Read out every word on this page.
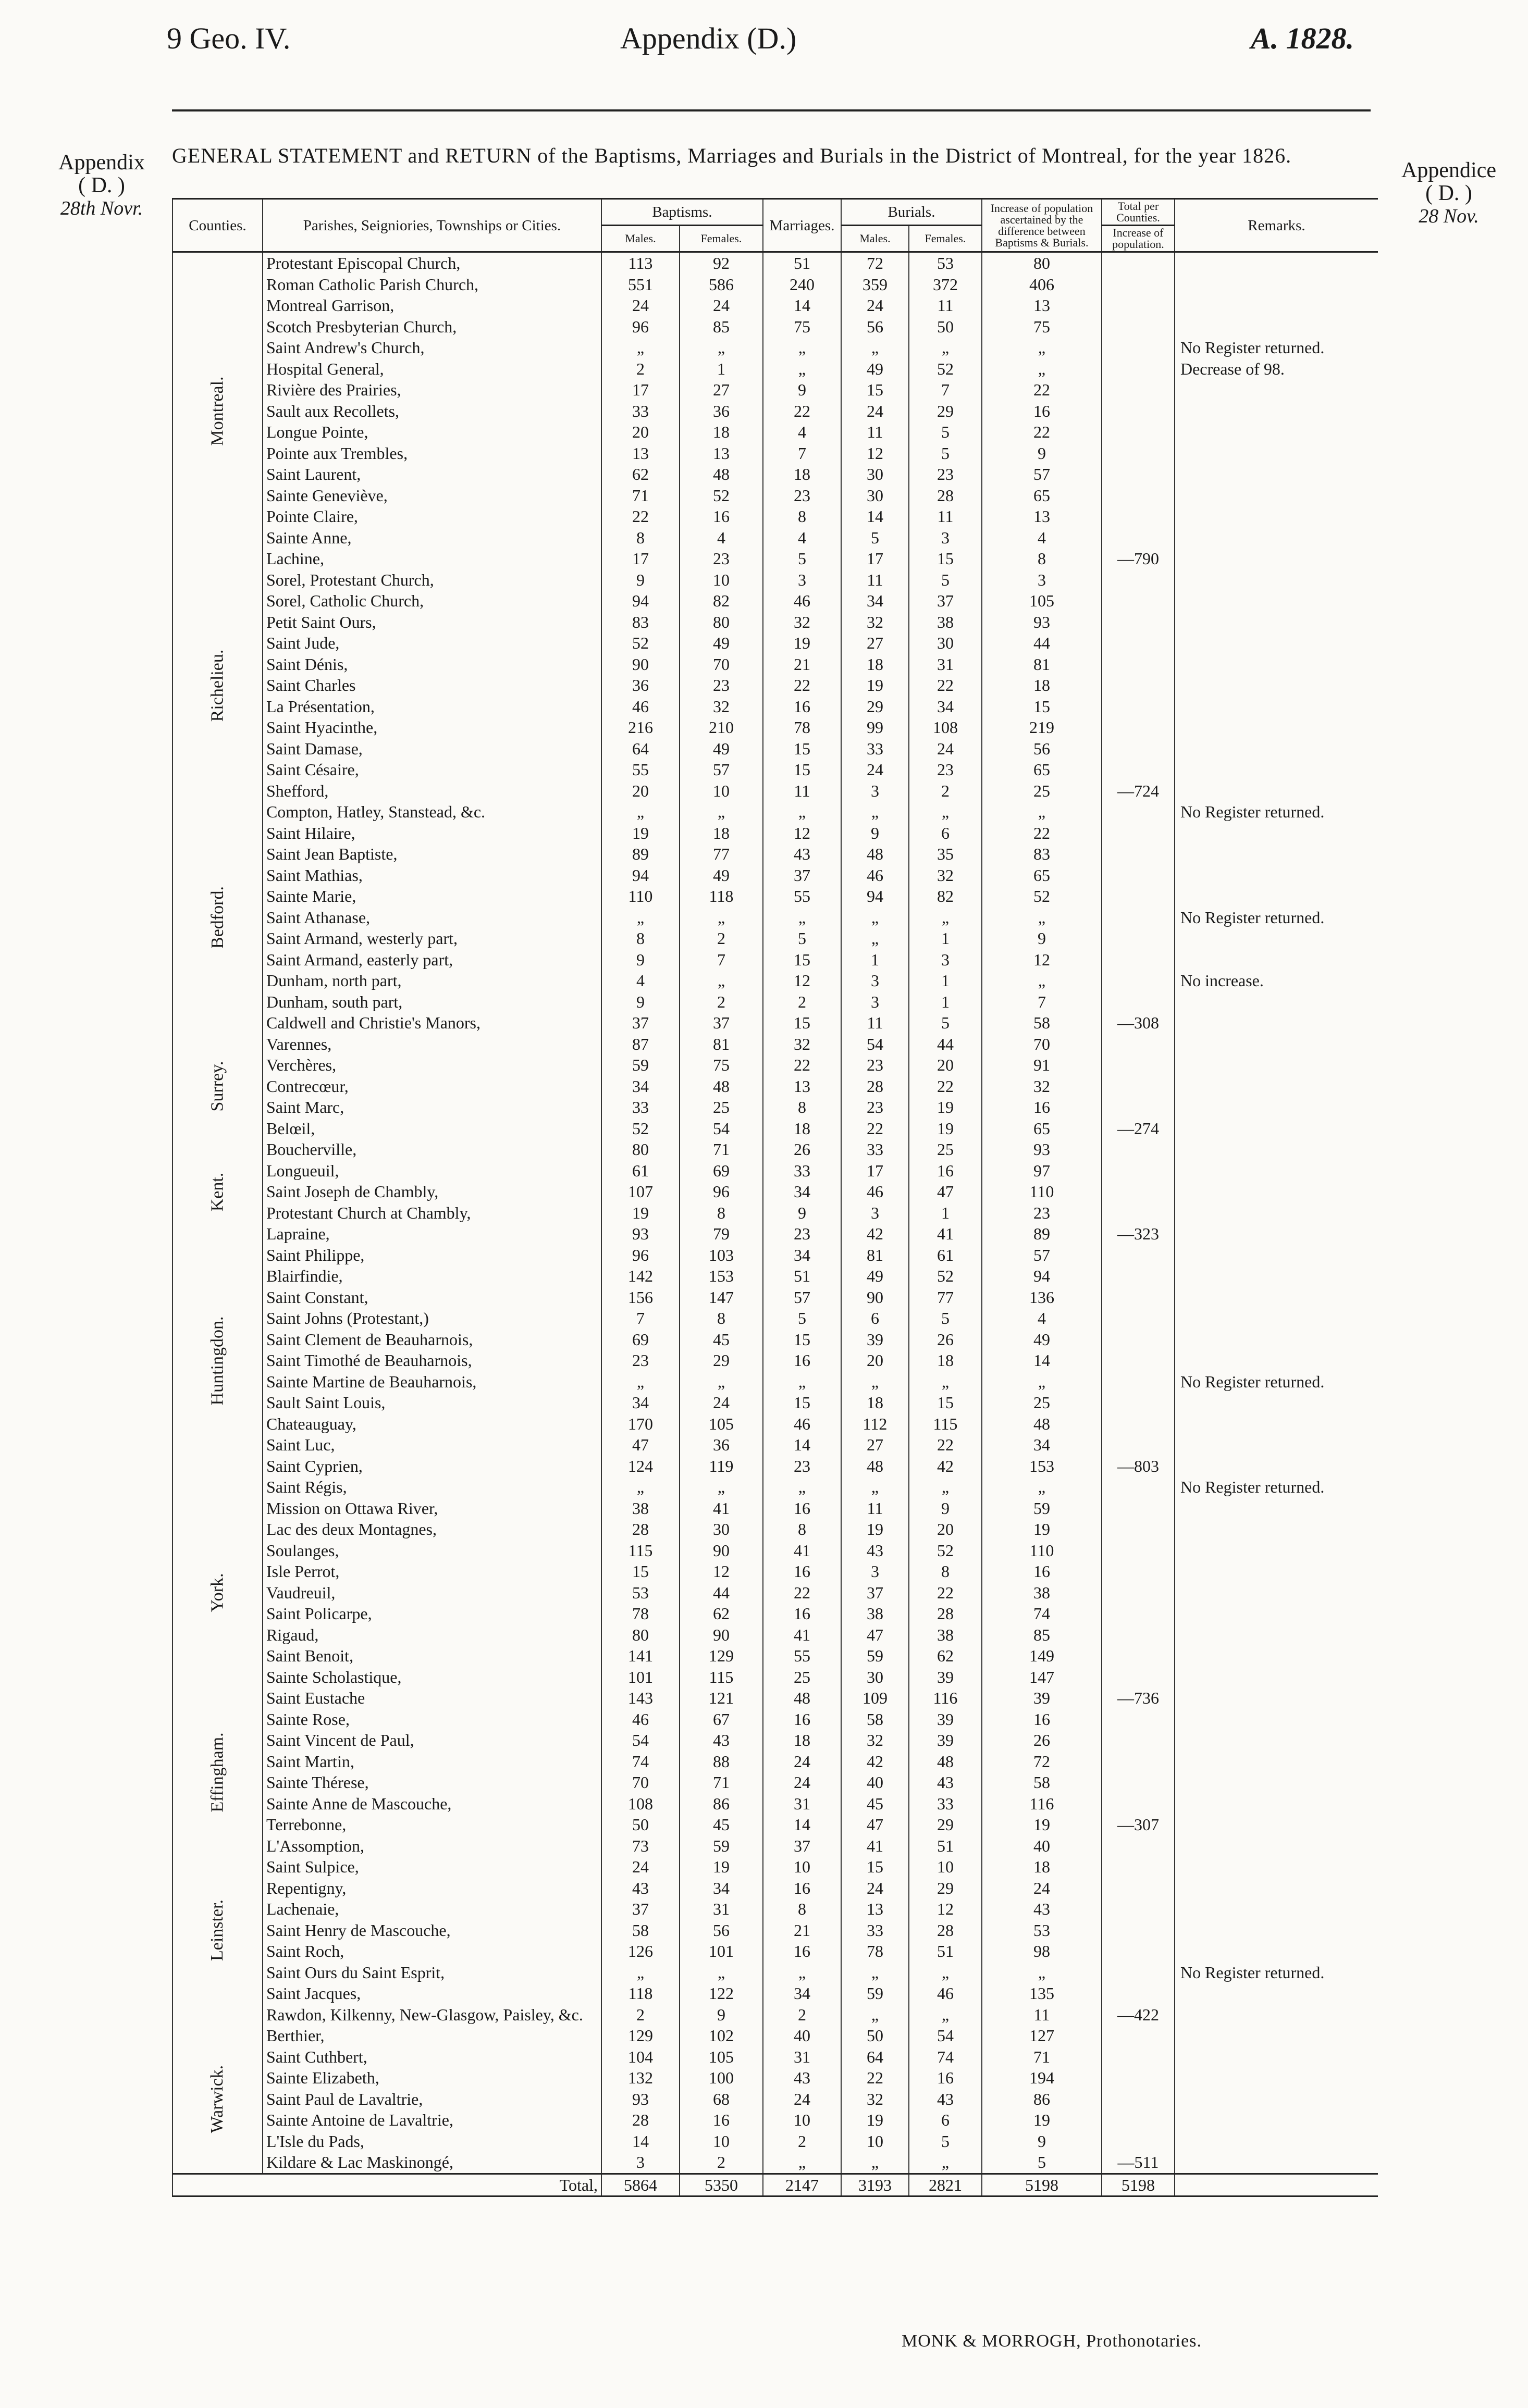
9 Geo. IV.	Appendix (D.)	A. 1828.
Appendix
( D. )
28th Novr.
Appendice
( D. )
28 Nov.
GENERAL STATEMENT and RETURN of the Baptisms, Marriages and Burials in the District of Montreal, for the year 1826.
Counties.	Parishes, Seigniories, Townships or Cities.	Baptisms.		Marriages.	Burials.		Increase of population ascertained by the difference between Baptisms & Burials.	Total per Counties.	Remarks.
		Males.	Females.		Males.	Females.		Increase of population.	
Montreal.	Protestant Episcopal Church,	113	92	51	72	53	80		
	Roman Catholic Parish Church,	551	586	240	359	372	406		
	Montreal Garrison,	24	24	14	24	11	13		
	Scotch Presbyterian Church,	96	85	75	56	50	75		
	Saint Andrew's Church,	„	„	„	„	„	„		No Register returned.
	Hospital General,	2	1	„	49	52	„		Decrease of 98.
	Rivière des Prairies,	17	27	9	15	7	22		
	Sault aux Recollets,	33	36	22	24	29	16		
	Longue Pointe,	20	18	4	11	5	22		
	Pointe aux Trembles,	13	13	7	12	5	9		
	Saint Laurent,	62	48	18	30	23	57		
	Sainte Geneviève,	71	52	23	30	28	65		
	Pointe Claire,	22	16	8	14	11	13		
	Sainte Anne,	8	4	4	5	3	4		
	Lachine,	17	23	5	17	15	8	—790	
Richelieu.	Sorel, Protestant Church,	9	10	3	11	5	3		
	Sorel, Catholic Church,	94	82	46	34	37	105		
	Petit Saint Ours,	83	80	32	32	38	93		
	Saint Jude,	52	49	19	27	30	44		
	Saint Dénis,	90	70	21	18	31	81		
	Saint Charles	36	23	22	19	22	18		
	La Présentation,	46	32	16	29	34	15		
	Saint Hyacinthe,	216	210	78	99	108	219		
	Saint Damase,	64	49	15	33	24	56		
	Saint Césaire,	55	57	15	24	23	65		
	Shefford,	20	10	11	3	2	25	—724	
Bedford.	Compton, Hatley, Stanstead, &c.	„	„	„	„	„	„		No Register returned.
	Saint Hilaire,	19	18	12	9	6	22		
	Saint Jean Baptiste,	89	77	43	48	35	83		
	Saint Mathias,	94	49	37	46	32	65		
	Sainte Marie,	110	118	55	94	82	52		
	Saint Athanase,	„	„	„	„	„	„		No Register returned.
	Saint Armand, westerly part,	8	2	5	„	1	9		
	Saint Armand, easterly part,	9	7	15	1	3	12		
	Dunham, north part,	4	„	12	3	1	„		No increase.
	Dunham, south part,	9	2	2	3	1	7		
	Caldwell and Christie's Manors,	37	37	15	11	5	58	—308	
Surrey.	Varennes,	87	81	32	54	44	70		
	Verchères,	59	75	22	23	20	91		
	Contrecœur,	34	48	13	28	22	32		
	Saint Marc,	33	25	8	23	19	16		
	Belœil,	52	54	18	22	19	65	—274	
Kent.	Boucherville,	80	71	26	33	25	93		
	Longueuil,	61	69	33	17	16	97		
	Saint Joseph de Chambly,	107	96	34	46	47	110		
	Protestant Church at Chambly,	19	8	9	3	1	23		
	Lapraine,	93	79	23	42	41	89	—323	
Huntingdon.	Saint Philippe,	96	103	34	81	61	57		
	Blairfindie,	142	153	51	49	52	94		
	Saint Constant,	156	147	57	90	77	136		
	Saint Johns (Protestant,)	7	8	5	6	5	4		
	Saint Clement de Beauharnois,	69	45	15	39	26	49		
	Saint Timothé de Beauharnois,	23	29	16	20	18	14		
	Sainte Martine de Beauharnois,	„	„	„	„	„	„		No Register returned.
	Sault Saint Louis,	34	24	15	18	15	25		
	Chateauguay,	170	105	46	112	115	48		
	Saint Luc,	47	36	14	27	22	34		
	Saint Cyprien,	124	119	23	48	42	153	—803	
York.	Saint Régis,	„	„	„	„	„	„		No Register returned.
	Mission on Ottawa River,	38	41	16	11	9	59		
	Lac des deux Montagnes,	28	30	8	19	20	19		
	Soulanges,	115	90	41	43	52	110		
	Isle Perrot,	15	12	16	3	8	16		
	Vaudreuil,	53	44	22	37	22	38		
	Saint Policarpe,	78	62	16	38	28	74		
	Rigaud,	80	90	41	47	38	85		
	Saint Benoit,	141	129	55	59	62	149		
	Sainte Scholastique,	101	115	25	30	39	147		
	Saint Eustache	143	121	48	109	116	39	—736	
Effingham.	Sainte Rose,	46	67	16	58	39	16		
	Saint Vincent de Paul,	54	43	18	32	39	26		
	Saint Martin,	74	88	24	42	48	72		
	Sainte Thérese,	70	71	24	40	43	58		
	Sainte Anne de Mascouche,	108	86	31	45	33	116		
	Terrebonne,	50	45	14	47	29	19	—307	
Leinster.	L'Assomption,	73	59	37	41	51	40		
	Saint Sulpice,	24	19	10	15	10	18		
	Repentigny,	43	34	16	24	29	24		
	Lachenaie,	37	31	8	13	12	43		
	Saint Henry de Mascouche,	58	56	21	33	28	53		
	Saint Roch,	126	101	16	78	51	98		
	Saint Ours du Saint Esprit,	„	„	„	„	„	„		No Register returned.
	Saint Jacques,	118	122	34	59	46	135		
	Rawdon, Kilkenny, New-Glasgow, Paisley, &c.	2	9	2	„	„	11	—422	
Warwick.	Berthier,	129	102	40	50	54	127		
	Saint Cuthbert,	104	105	31	64	74	71		
	Sainte Elizabeth,	132	100	43	22	16	194		
	Saint Paul de Lavaltrie,	93	68	24	32	43	86		
	Sainte Antoine de Lavaltrie,	28	16	10	19	6	19		
	L'Isle du Pads,	14	10	2	10	5	9		
	Kildare & Lac Maskinongé,	3	2	„	„	„	5	—511	
Total,		5864	5350	2147	3193	2821	5198	5198	
MONK & MORROGH, Prothonotaries.
